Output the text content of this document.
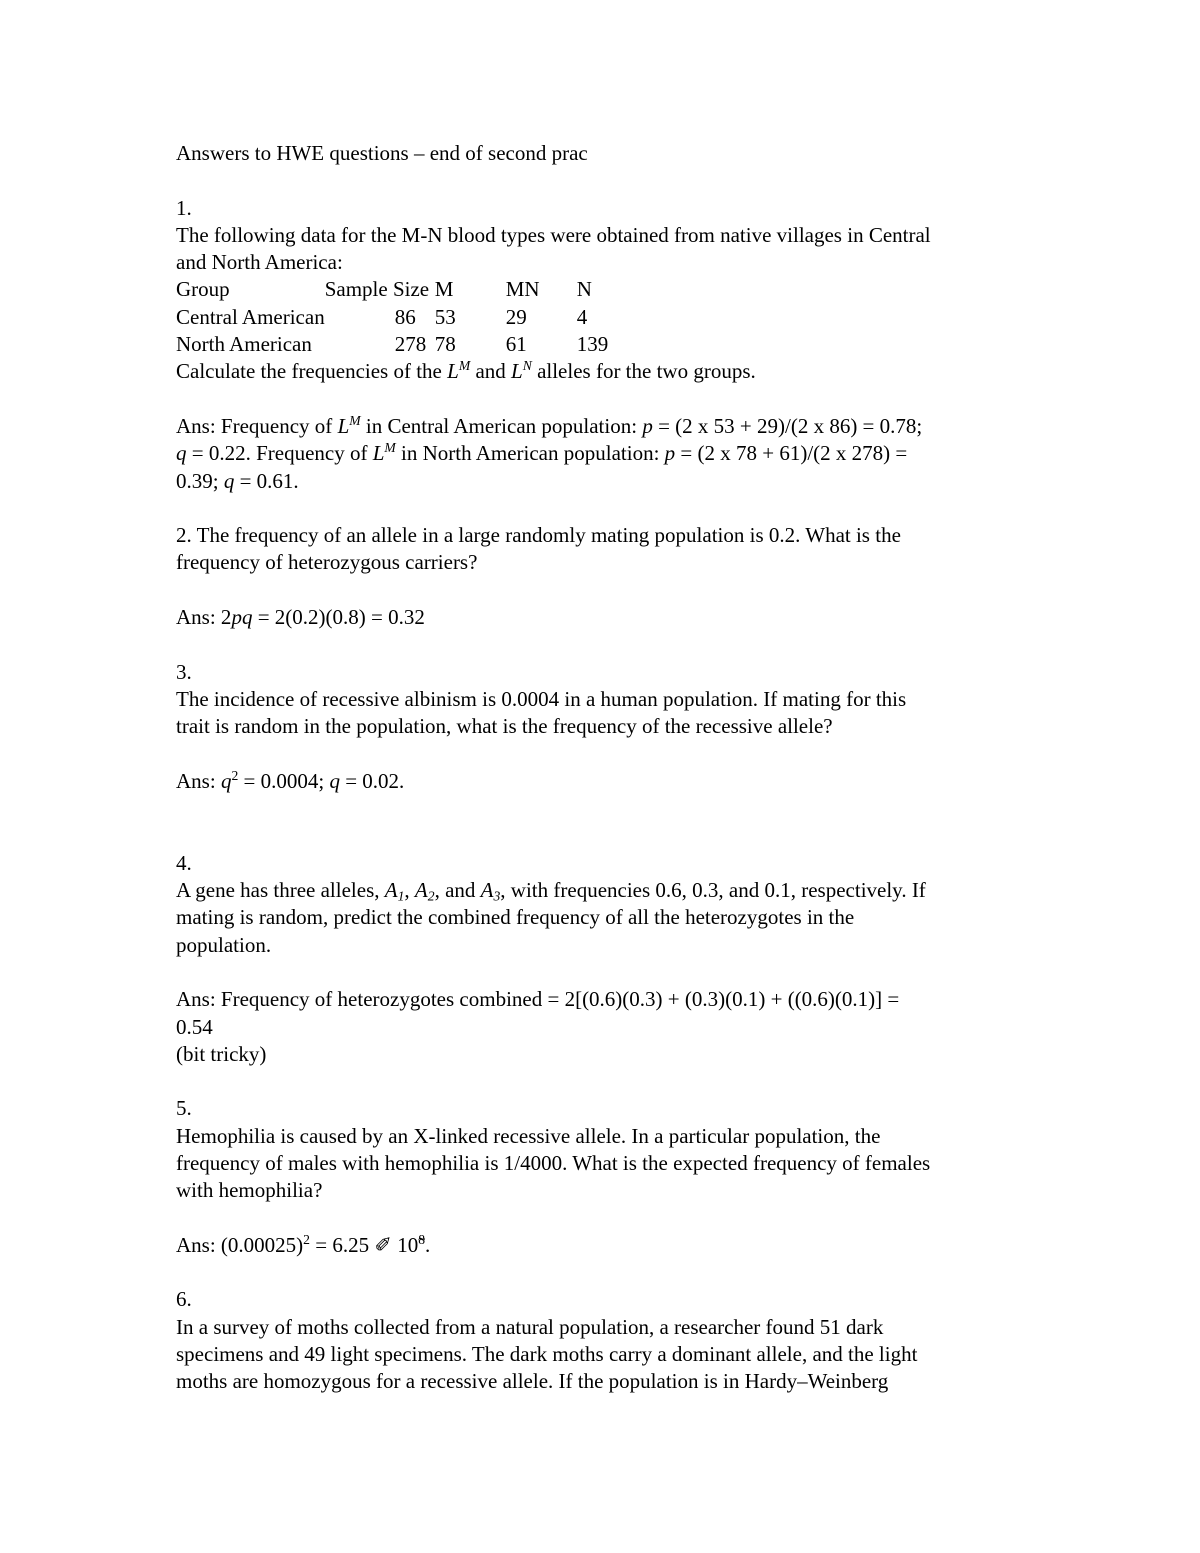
Answers to HWE questions – end of second prac
1.
The following data for the M-N blood types were obtained from native villages in Central
and North America:
Group	Sample Size	M	MN	N
Central American	86	53	29	4
North American	278	78	61	139
Calculate the frequencies of the $L^M$ and $L^N$ alleles for the two groups.
Ans: Frequency of $L^M$ in Central American population: p = (2 x 53 + 29)/(2 x 86) = 0.78;
q = 0.22. Frequency of $L^M$ in North American population: p = (2 x 78 + 61)/(2 x 278) =
0.39; q = 0.61.
2. The frequency of an allele in a large randomly mating population is 0.2. What is the
frequency of heterozygous carriers?
Ans: 2pq = 2(0.2)(0.8) = 0.32
3.
The incidence of recessive albinism is 0.0004 in a human population. If mating for this
trait is random in the population, what is the frequency of the recessive allele?
Ans: $q^2 = 0.0004$; q = 0.02.
4.
A gene has three alleles, $A_1$, $A_2$, and $A_3$, with frequencies 0.6, 0.3, and 0.1, respectively. If
mating is random, predict the combined frequency of all the heterozygotes in the
population.
Ans: Frequency of heterozygotes combined = 2[(0.6)(0.3) + (0.3)(0.1) + ((0.6)(0.1)] =
0.54
(bit tricky)
5.
Hemophilia is caused by an X-linked recessive allele. In a particular population, the
frequency of males with hemophilia is 1/4000. What is the expected frequency of females
with hemophilia?
Ans: $(0.00025)^2 = 6.25$ ✐ 10̃$^8$.
6.
In a survey of moths collected from a natural population, a researcher found 51 dark
specimens and 49 light specimens. The dark moths carry a dominant allele, and the light
moths are homozygous for a recessive allele. If the population is in Hardy–Weinberg
